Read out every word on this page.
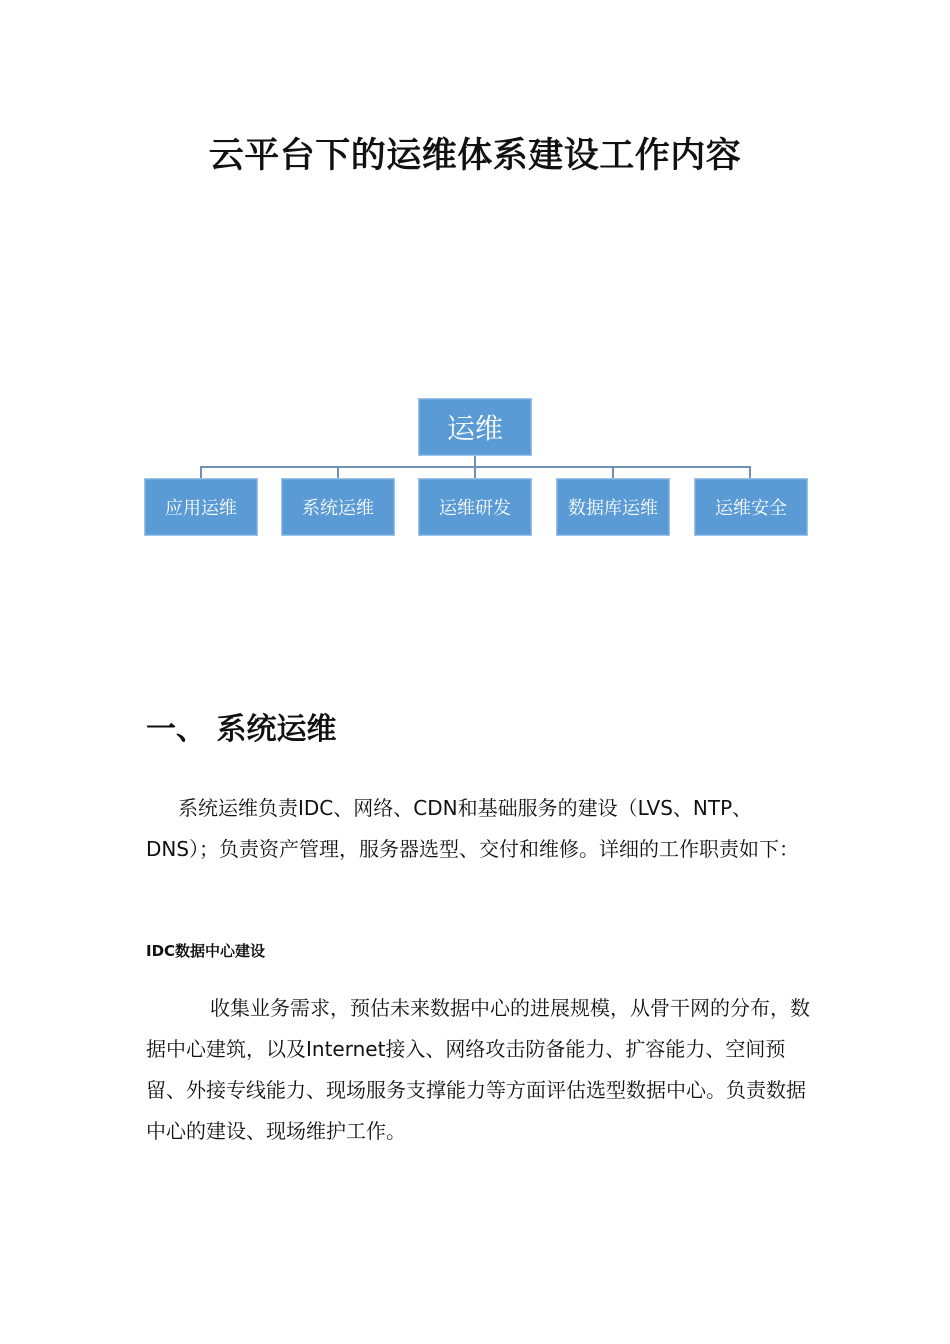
云平台下的运维体系建设工作内容
运维
应用运维	系统运维	运维研发	数据库运维	运维安全
一、 系统运维

系统运维负责IDC、网络、CDN和基础服务的建设（LVS、NTP、DNS）；负责资产管理，服务器选型、交付和维修。详细的工作职责如下：

IDC数据中心建设

收集业务需求，预估未来数据中心的进展规模，从骨干网的分布，数据中心建筑，以及Internet接入、网络攻击防备能力、扩容能力、空间预留、外接专线能力、现场服务支撑能力等方面评估选型数据中心。负责数据中心的建设、现场维护工作。
